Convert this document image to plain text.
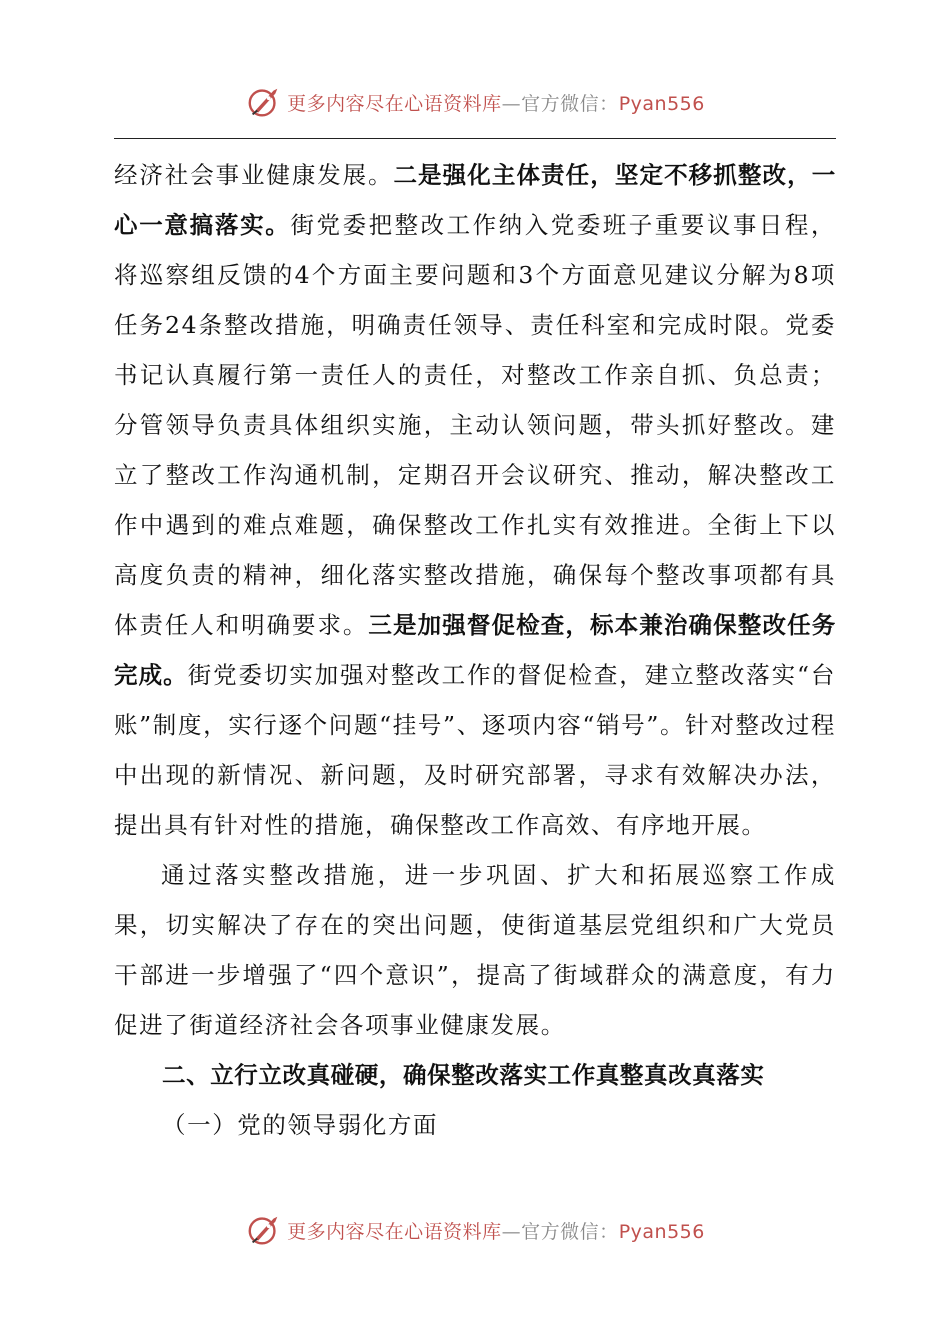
更多内容尽在心语资料库—官方微信：Pyan556

经济社会事业健康发展。二是强化主体责任，坚定不移抓整改，一心一意搞落实。街党委把整改工作纳入党委班子重要议事日程，将巡察组反馈的4个方面主要问题和3个方面意见建议分解为8项任务24条整改措施，明确责任领导、责任科室和完成时限。党委书记认真履行第一责任人的责任，对整改工作亲自抓、负总责；分管领导负责具体组织实施，主动认领问题，带头抓好整改。建立了整改工作沟通机制，定期召开会议研究、推动，解决整改工作中遇到的难点难题，确保整改工作扎实有效推进。全街上下以高度负责的精神，细化落实整改措施，确保每个整改事项都有具体责任人和明确要求。三是加强督促检查，标本兼治确保整改任务完成。街党委切实加强对整改工作的督促检查，建立整改落实“台账”制度，实行逐个问题“挂号”、逐项内容“销号”。针对整改过程中出现的新情况、新问题，及时研究部署，寻求有效解决办法，提出具有针对性的措施，确保整改工作高效、有序地开展。

通过落实整改措施，进一步巩固、扩大和拓展巡察工作成果，切实解决了存在的突出问题，使街道基层党组织和广大党员干部进一步增强了“四个意识”，提高了街域群众的满意度，有力促进了街道经济社会各项事业健康发展。

二、立行立改真碰硬，确保整改落实工作真整真改真落实

（一）党的领导弱化方面

更多内容尽在心语资料库—官方微信：Pyan556
